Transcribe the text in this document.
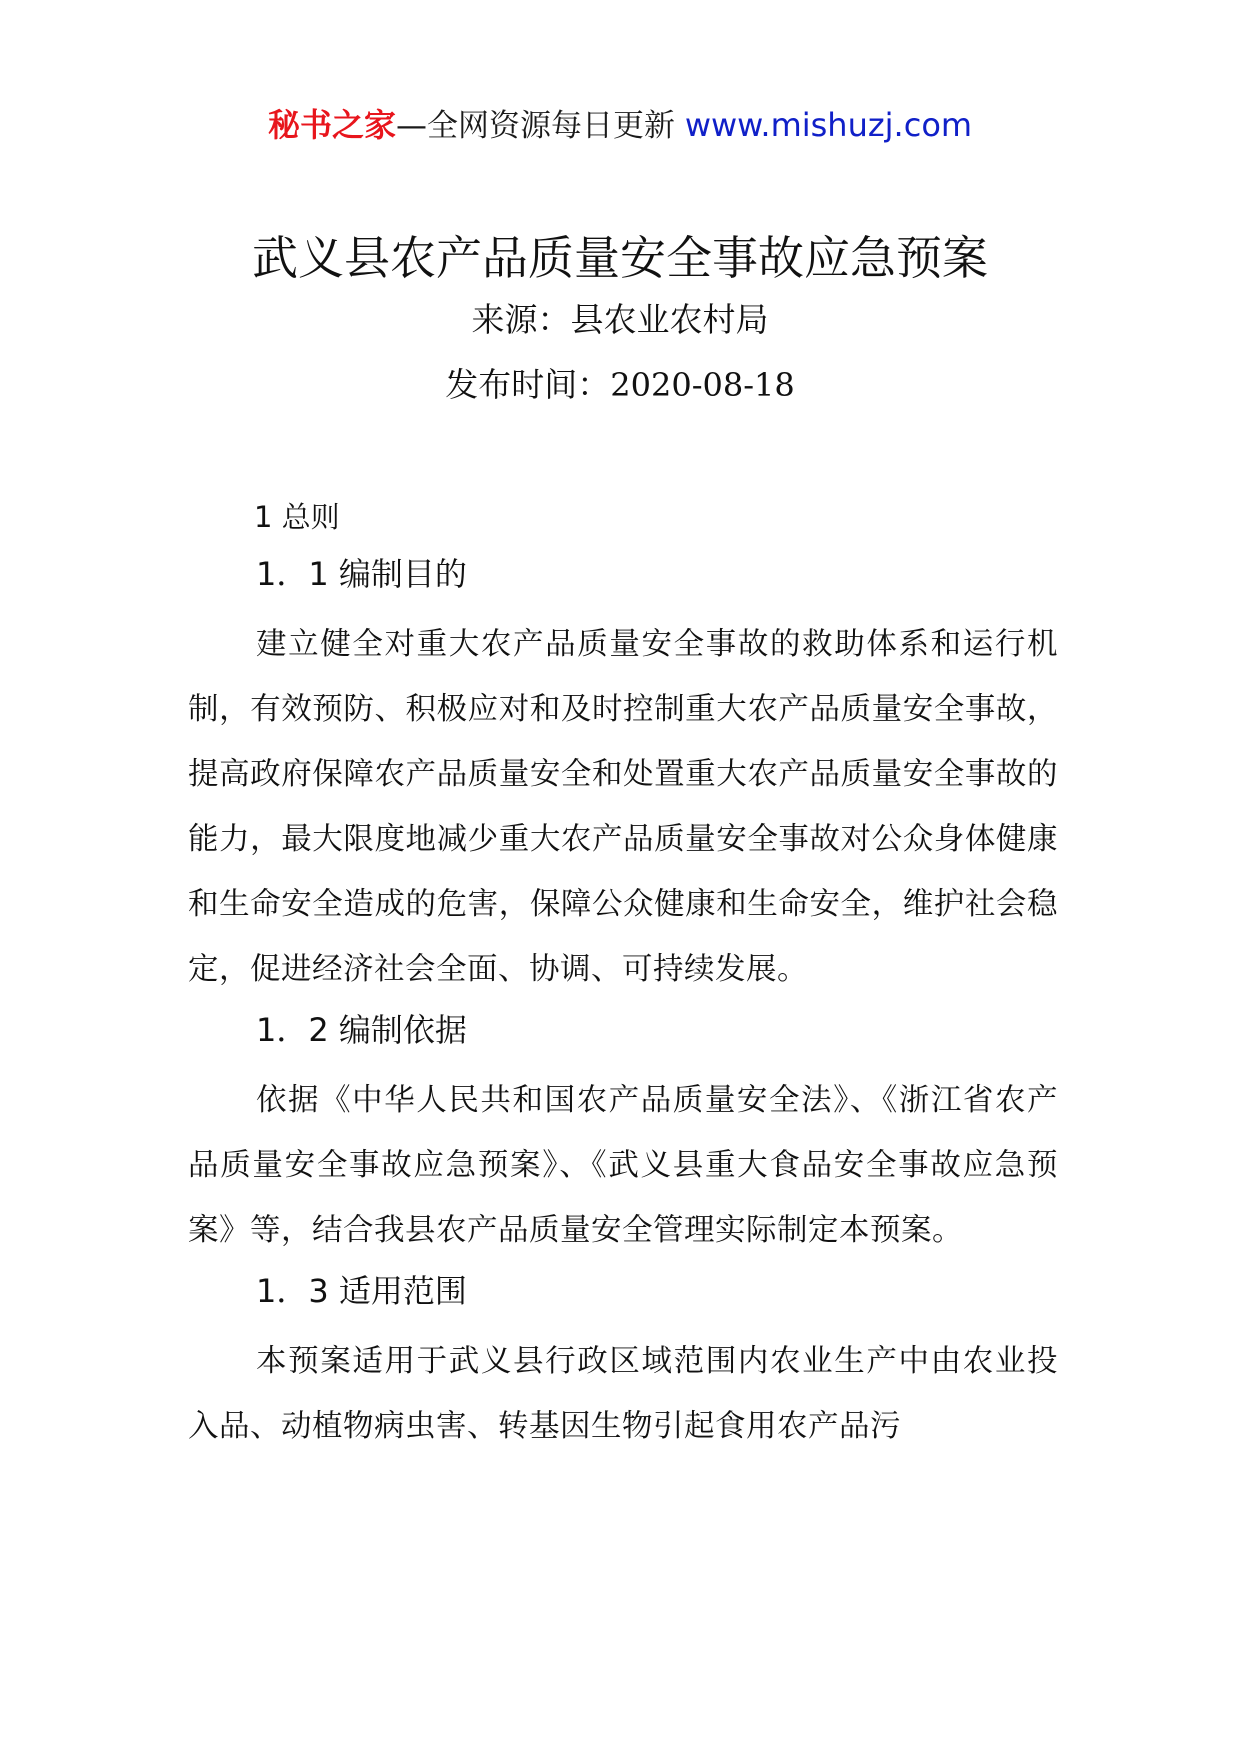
秘书之家—全网资源每日更新 www.mishuzj.com
武义县农产品质量安全事故应急预案
来源：县农业农村局
发布时间：2020-08-18
1 总则
1．1 编制目的

建立健全对重大农产品质量安全事故的救助体系和运行机制，有效预防、积极应对和及时控制重大农产品质量安全事故，提高政府保障农产品质量安全和处置重大农产品质量安全事故的能力，最大限度地减少重大农产品质量安全事故对公众身体健康和生命安全造成的危害，保障公众健康和生命安全，维护社会稳定，促进经济社会全面、协调、可持续发展。

1．2 编制依据

依据《中华人民共和国农产品质量安全法》、《浙江省农产品质量安全事故应急预案》、《武义县重大食品安全事故应急预案》等，结合我县农产品质量安全管理实际制定本预案。

1．3 适用范围

本预案适用于武义县行政区域范围内农业生产中由农业投入品、动植物病虫害、转基因生物引起食用农产品污
